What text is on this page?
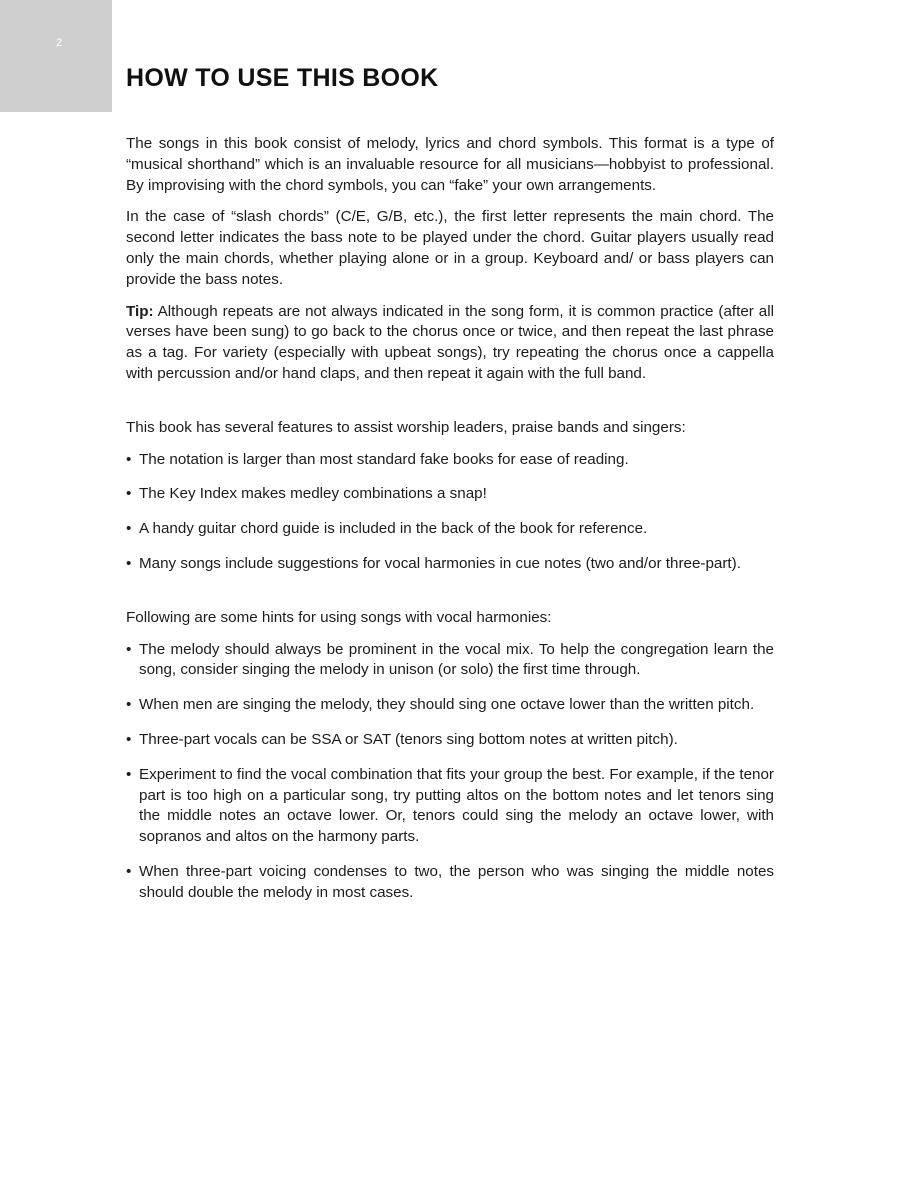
2
HOW TO USE THIS BOOK

The songs in this book consist of melody, lyrics and chord symbols. This format is a type of “musical shorthand” which is an invaluable resource for all musicians—hobbyist to professional. By improvising with the chord symbols, you can “fake” your own arrangements.

In the case of “slash chords” (C/E, G/B, etc.), the first letter represents the main chord. The second letter indicates the bass note to be played under the chord. Guitar players usually read only the main chords, whether playing alone or in a group. Keyboard and/ or bass players can provide the bass notes.

Tip: Although repeats are not always indicated in the song form, it is common practice (after all verses have been sung) to go back to the chorus once or twice, and then repeat the last phrase as a tag. For variety (especially with upbeat songs), try repeating the chorus once a cappella with percussion and/or hand claps, and then repeat it again with the full band.

This book has several features to assist worship leaders, praise bands and singers:

• The notation is larger than most standard fake books for ease of reading.
• The Key Index makes medley combinations a snap!
• A handy guitar chord guide is included in the back of the book for reference.
• Many songs include suggestions for vocal harmonies in cue notes (two and/or three-part).

Following are some hints for using songs with vocal harmonies:

• The melody should always be prominent in the vocal mix. To help the congregation learn the song, consider singing the melody in unison (or solo) the first time through.
• When men are singing the melody, they should sing one octave lower than the written pitch.
• Three-part vocals can be SSA or SAT (tenors sing bottom notes at written pitch).
• Experiment to find the vocal combination that fits your group the best. For example, if the tenor part is too high on a particular song, try putting altos on the bottom notes and let tenors sing the middle notes an octave lower. Or, tenors could sing the melody an octave lower, with sopranos and altos on the harmony parts.
• When three-part voicing condenses to two, the person who was singing the middle notes should double the melody in most cases.
